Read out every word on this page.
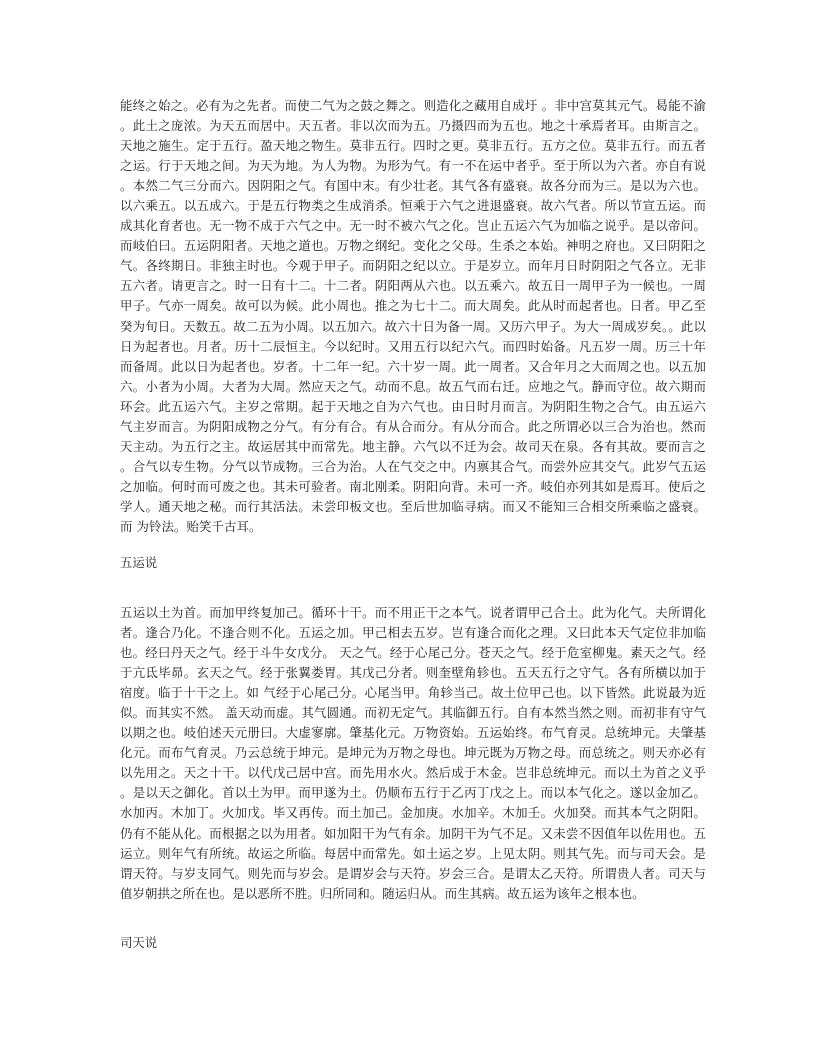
能终之始之。必有为之先者。而使二气为之鼓之舞之。则造化之藏用自成圩 。非中宫莫其元气。曷能不渝。此土之庞浓。为天五而居中。天五者。非以次而为五。乃摄四而为五也。地之十承焉者耳。由斯言之。天地之施生。定于五行。盈天地之物生。莫非五行。四时之更。莫非五行。五方之位。莫非五行。而五者之运。行于天地之间。为天为地。为人为物。为形为气。有一不在运中者乎。至于所以为六者。亦自有说。本然二气三分而六。因阴阳之气。有国中末。有少壮老。其气各有盛衰。故各分而为三。是以为六也。以六乘五。以五成六。于是五行物类之生成消杀。恒乘于六气之进退盛衰。故六气者。所以节宣五运。而成其化育者也。无一物不成于六气之中。无一时不被六气之化。岂止五运六气为加临之说乎。是以帝问。而岐伯曰。五运阴阳者。天地之道也。万物之纲纪。变化之父母。生杀之本始。神明之府也。又曰阴阳之气。各终期日。非独主时也。今观于甲子。而阴阳之纪以立。于是岁立。而年月日时阴阳之气各立。无非五六者。请更言之。时一日有十二。十二者。阴阳两从六也。以五乘六。故五日一周甲子为一候也。一周甲子。气亦一周矣。故可以为候。此小周也。推之为七十二。而大周矣。此从时而起者也。日者。甲乙至癸为旬日。天数五。故二五为小周。以五加六。故六十日为备一周。又历六甲子。为大一周成岁矣。。此以日为起者也。月者。历十二辰恒主。今以纪时。又用五行以纪六气。而四时始备。凡五岁一周。历三十年而备周。此以日为起者也。岁者。十二年一纪。六十岁一周。此一周者。又合年月之大而周之也。以五加六。小者为小周。大者为大周。然应天之气。动而不息。故五气而右迁。应地之气。静而守位。故六期而环会。此五运六气。主岁之常期。起于天地之自为六气也。由日时月而言。为阴阳生物之合气。由五运六气主岁而言。为阴阳成物之分气。有分有合。有从合而分。有从分而合。此之所谓必以三合为治也。然而天主动。为五行之主。故运居其中而常先。地主静。六气以不迁为会。故司天在泉。各有其故。要而言之。合气以专生物。分气以节成物。三合为治。人在气交之中。内禀其合气。而尝外应其交气。此岁气五运之加临。何时而可废之也。其未可验者。南北刚柔。阴阳向背。未可一齐。岐伯亦列其如是焉耳。使后之学人。通天地之秘。而行其活法。未尝印板文也。至后世加临寻病。而又不能知三合相交所乘临之盛衰。而 为铃法。贻笑千古耳。

五运说

五运以土为首。而加甲终复加己。循环十干。而不用正干之本气。说者谓甲己合土。此为化气。夫所谓化者。逢合乃化。不逢合则不化。五运之加。甲己相去五岁。岂有逢合而化之理。又曰此本天气定位非加临也。经曰丹天之气。经于斗牛女戊分。 天之气。经于心尾己分。苍天之气。经于危室柳鬼。素天之气。经于亢氐毕昴。玄天之气。经于张翼娄胃。其戊己分者。则奎壁角轸也。五天五行之守气。各有所横以加于宿度。临于十干之上。如 气经于心尾己分。心尾当甲。角轸当己。故土位甲己也。以下皆然。此说最为近似。而其实不然。 盖天动而虚。其气圆通。而初无定气。其临御五行。自有本然当然之则。而初非有守气以期之也。岐伯述天元册曰。大虚寥廓。肇基化元。万物资始。五运始终。布气育灵。总统坤元。夫肇基化元。而布气育灵。乃云总统于坤元。是坤元为万物之母也。坤元既为万物之母。而总统之。则天亦必有以先用之。天之十干。以代戊己居中宫。而先用水火。然后成于木金。岂非总统坤元。而以土为首之义乎。是以天之御化。首以土为甲。而甲遂为土。仍顺布五行于乙丙丁戊之上。而以本气化之。遂以金加乙。水加丙。木加丁。火加戊。毕又再传。而土加己。金加庚。水加辛。木加壬。火加癸。而其本气之阴阳。仍有不能从化。而根据之以为用者。如加阳干为气有余。加阴干为气不足。又未尝不因值年以佐用也。五运立。则年气有所统。故运之所临。每居中而常先。如土运之岁。上见太阴。则其气先。而与司天会。是谓天符。与岁支同气。则先而与岁会。是谓岁会与天符。岁会三合。是谓太乙天符。所谓贵人者。司天与值岁朝拱之所在也。是以恶所不胜。归所同和。随运归从。而生其病。故五运为该年之根本也。

司天说
